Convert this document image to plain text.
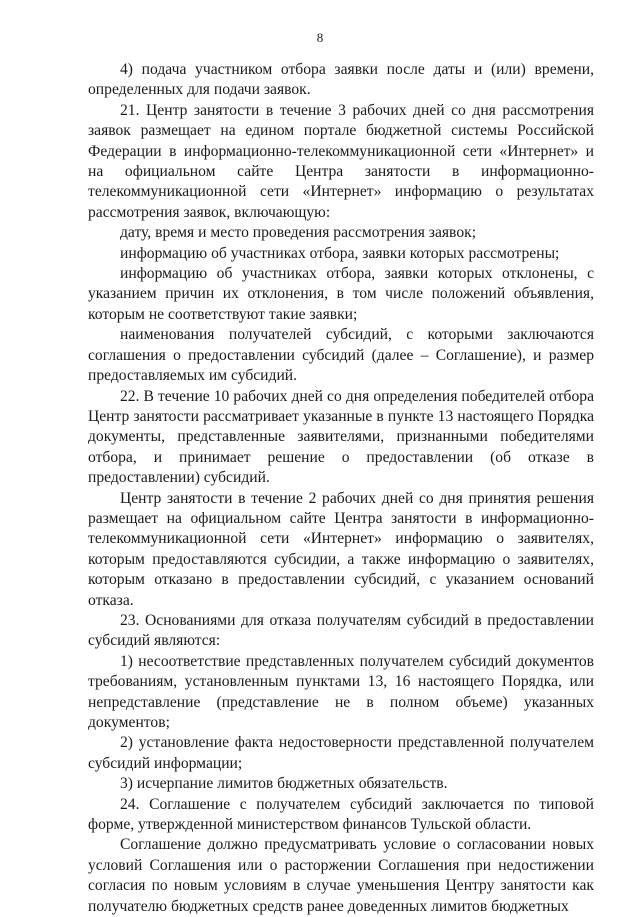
8

4) подача участником отбора заявки после даты и (или) времени, определенных для подачи заявок.

21. Центр занятости в течение 3 рабочих дней со дня рассмотрения заявок размещает на едином портале бюджетной системы Российской Федерации в информационно-телекоммуникационной сети «Интернет» и на официальном сайте Центра занятости в информационно-телекоммуникационной сети «Интернет» информацию о результатах рассмотрения заявок, включающую:

дату, время и место проведения рассмотрения заявок;

информацию об участниках отбора, заявки которых рассмотрены;

информацию об участниках отбора, заявки которых отклонены, с указанием причин их отклонения, в том числе положений объявления, которым не соответствуют такие заявки;

наименования получателей субсидий, с которыми заключаются соглашения о предоставлении субсидий (далее – Соглашение), и размер предоставляемых им субсидий.

22. В течение 10 рабочих дней со дня определения победителей отбора Центр занятости рассматривает указанные в пункте 13 настоящего Порядка документы, представленные заявителями, признанными победителями отбора, и принимает решение о предоставлении (об отказе в предоставлении) субсидий.

Центр занятости в течение 2 рабочих дней со дня принятия решения размещает на официальном сайте Центра занятости в информационно-телекоммуникационной сети «Интернет» информацию о заявителях, которым предоставляются субсидии, а также информацию о заявителях, которым отказано в предоставлении субсидий, с указанием оснований отказа.

23. Основаниями для отказа получателям субсидий в предоставлении субсидий являются:

1) несоответствие представленных получателем субсидий документов требованиям, установленным пунктами 13, 16 настоящего Порядка, или непредставление (представление не в полном объеме) указанных документов;

2) установление факта недостоверности представленной получателем субсидий информации;

3) исчерпание лимитов бюджетных обязательств.

24. Соглашение с получателем субсидий заключается по типовой форме, утвержденной министерством финансов Тульской области.

Соглашение должно предусматривать условие о согласовании новых условий Соглашения или о расторжении Соглашения при недостижении согласия по новым условиям в случае уменьшения Центру занятости как получателю бюджетных средств ранее доведенных лимитов бюджетных
